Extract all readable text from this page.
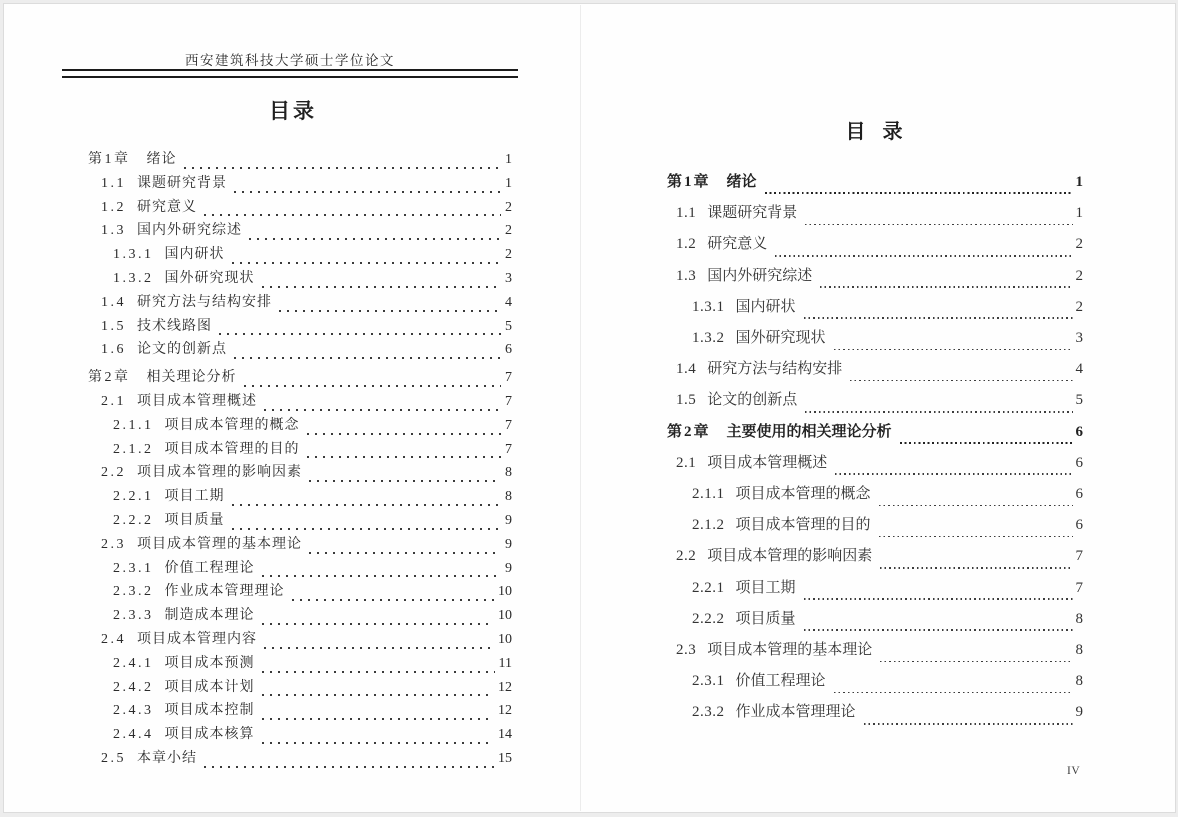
西安建筑科技大学硕士学位论文
目录
第1章 绪论	1
1.1 课题研究背景	1
1.2 研究意义	2
1.3 国内外研究综述	2
1.3.1 国内研状	2
1.3.2 国外研究现状	3
1.4 研究方法与结构安排	4
1.5 技术线路图	5
1.6 论文的创新点	6
第2章 相关理论分析	7
2.1 项目成本管理概述	7
2.1.1 项目成本管理的概念	7
2.1.2 项目成本管理的目的	7
2.2 项目成本管理的影响因素	8
2.2.1 项目工期	8
2.2.2 项目质量	9
2.3 项目成本管理的基本理论	9
2.3.1 价值工程理论	9
2.3.2 作业成本管理理论	10
2.3.3 制造成本理论	10
2.4 项目成本管理内容	10
2.4.1 项目成本预测	11
2.4.2 项目成本计划	12
2.4.3 项目成本控制	12
2.4.4 项目成本核算	14
2.5 本章小结	15
目 录
第1章 绪论	1
1.1 课题研究背景	1
1.2 研究意义	2
1.3 国内外研究综述	2
1.3.1 国内研状	2
1.3.2 国外研究现状	3
1.4 研究方法与结构安排	4
1.5 论文的创新点	5
第2章 主要使用的相关理论分析	6
2.1 项目成本管理概述	6
2.1.1 项目成本管理的概念	6
2.1.2 项目成本管理的目的	6
2.2 项目成本管理的影响因素	7
2.2.1 项目工期	7
2.2.2 项目质量	8
2.3 项目成本管理的基本理论	8
2.3.1 价值工程理论	8
2.3.2 作业成本管理理论	9
IV
